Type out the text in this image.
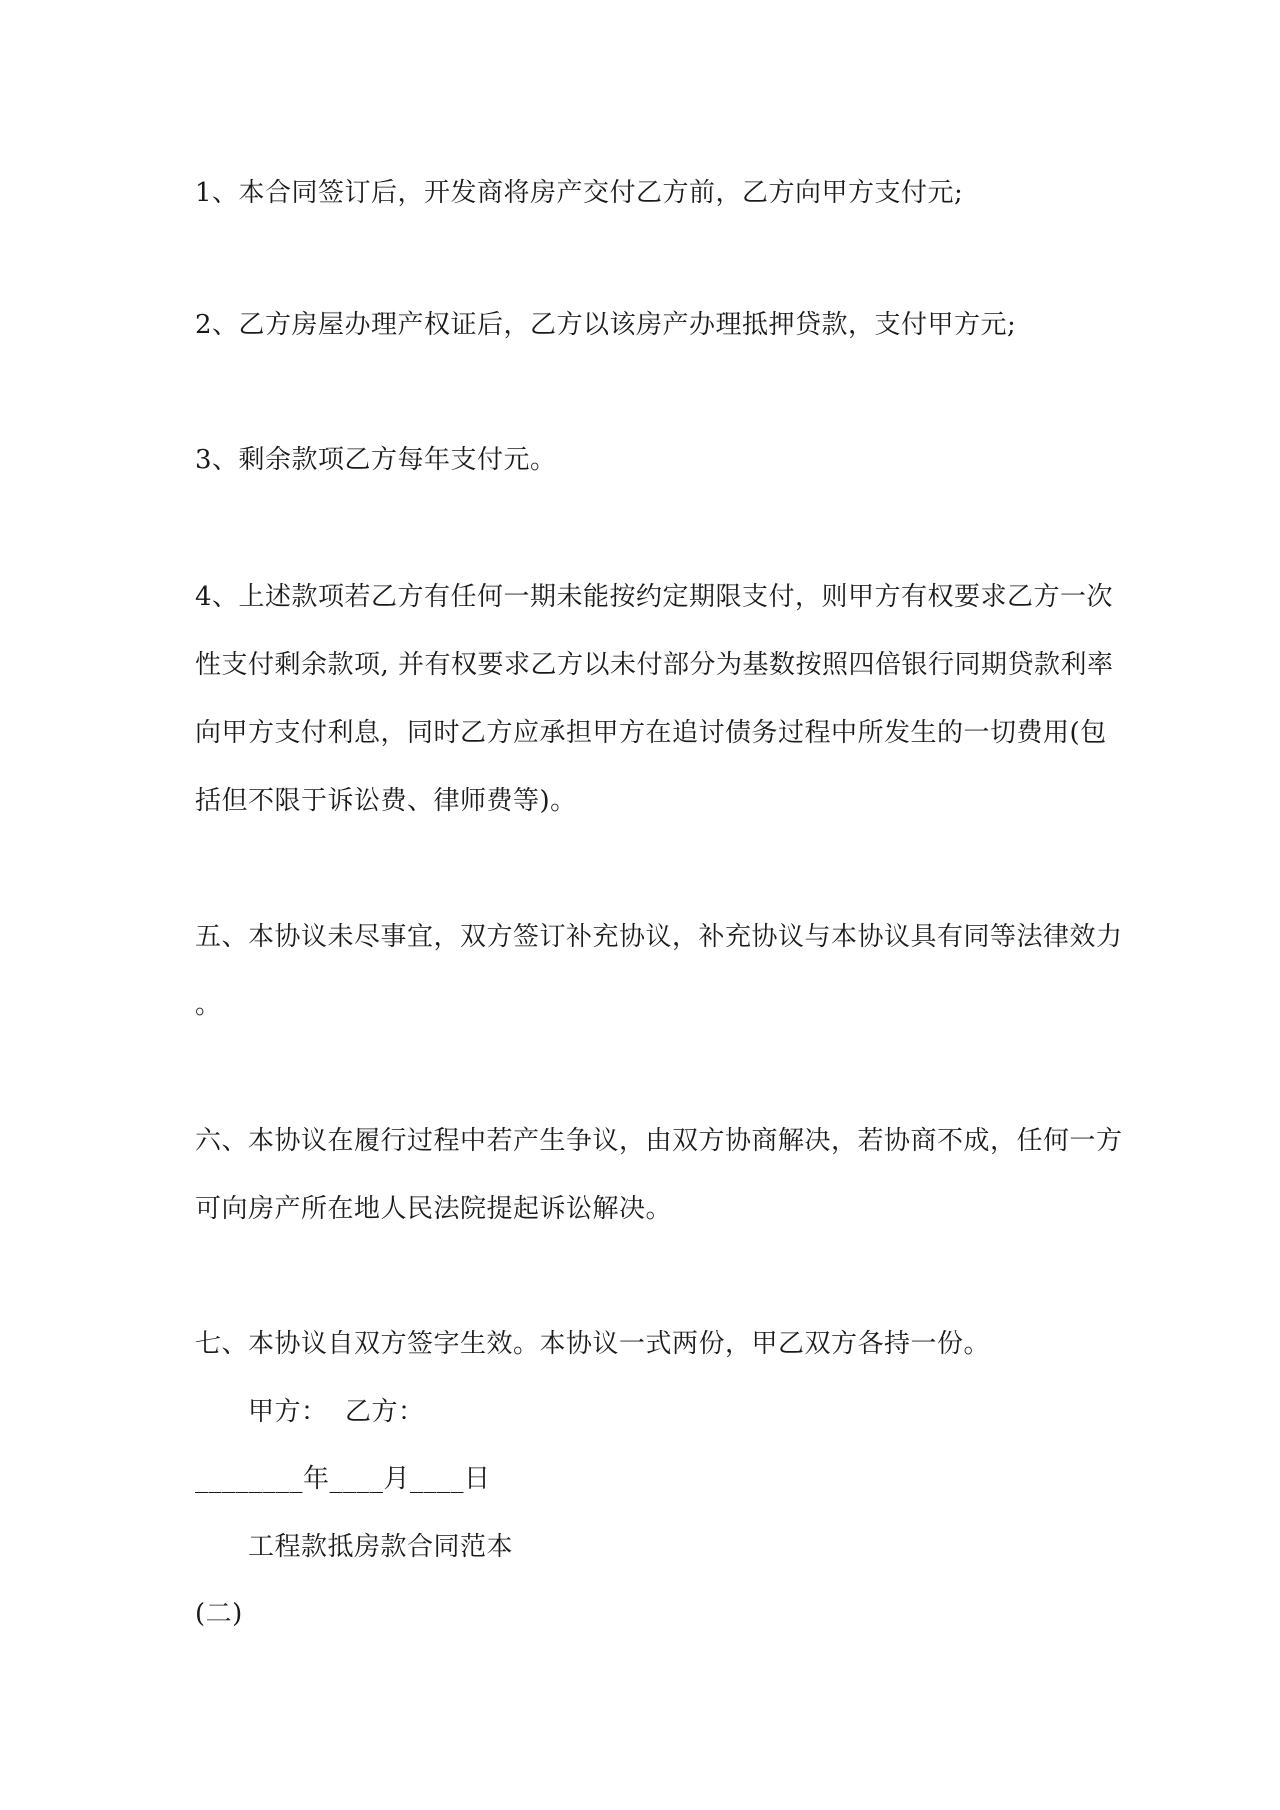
1、本合同签订后，开发商将房产交付乙方前，乙方向甲方支付元;
2、乙方房屋办理产权证后，乙方以该房产办理抵押贷款，支付甲方元;
3、剩余款项乙方每年支付元。
4、上述款项若乙方有任何一期未能按约定期限支付，则甲方有权要求乙方一次
性支付剩余款项, 并有权要求乙方以未付部分为基数按照四倍银行同期贷款利率
向甲方支付利息，同时乙方应承担甲方在追讨债务过程中所发生的一切费用(包
括但不限于诉讼费、律师费等)。
五、本协议未尽事宜，双方签订补充协议，补充协议与本协议具有同等法律效力
。
六、本协议在履行过程中若产生争议，由双方协商解决，若协商不成，任何一方
可向房产所在地人民法院提起诉讼解决。
七、本协议自双方签字生效。本协议一式两份，甲乙双方各持一份。
甲方：  乙方：
________年____月____日
工程款抵房款合同范本
(二)
